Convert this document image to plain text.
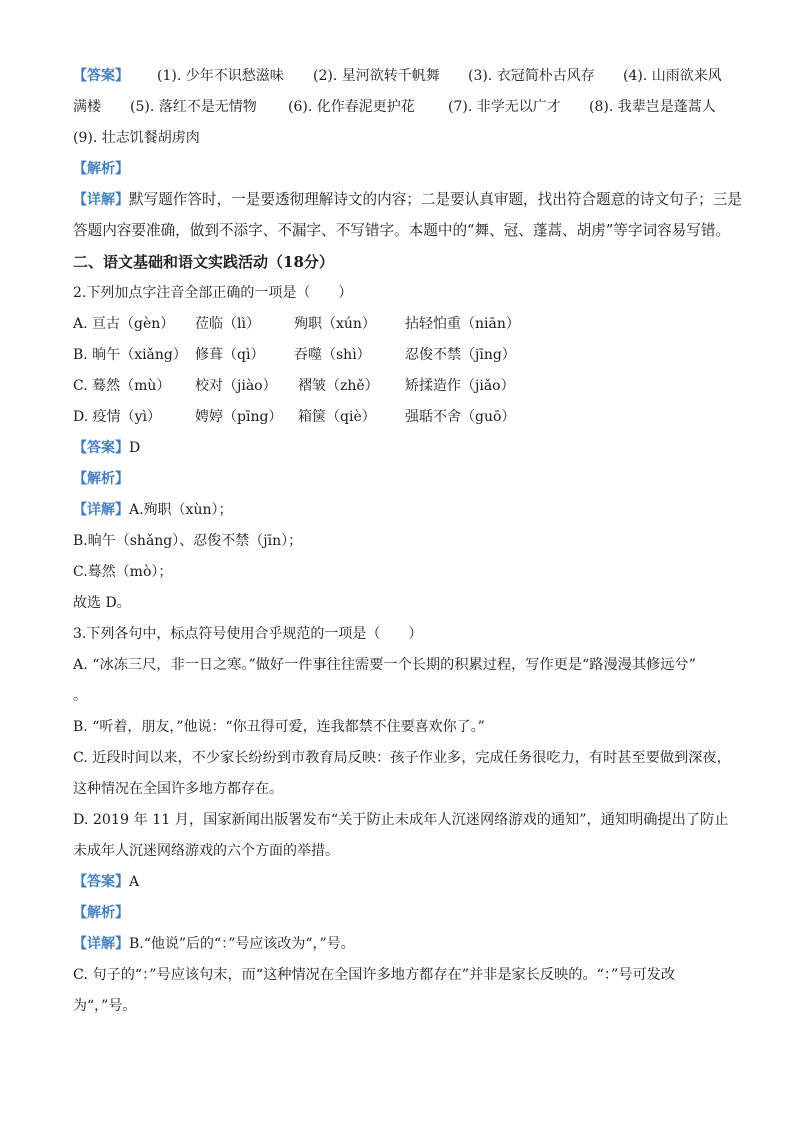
【答案】 (1). 少年不识愁滋味 (2). 星河欲转千帆舞 (3). 衣冠简朴古风存 (4). 山雨欲来风
满楼 (5). 落红不是无情物 (6). 化作春泥更护花 (7). 非学无以广才 (8). 我辈岂是蓬蒿人
(9). 壮志饥餐胡虏肉
【解析】
【详解】 默写题作答时，一是要透彻理解诗文的内容；二是要认真审题，找出符合题意的诗文句子；三是
答题内容要准确，做到不添字、不漏字、不写错字。本题中的“舞、冠、蓬蒿、胡虏”等字词容易写错。
二、语文基础和语文实践活动（18分）
2.下列加点字注音全部正确的一项是（　　）
A. 亘古（gèn） 莅临（lì） 殉职（xún） 拈轻怕重（niān）
B. 晌午（xiǎng） 修葺（qì） 吞噬（shì） 忍俊不禁（jīng）
C. 蓦然（mù） 校对（jiào） 褶皱（zhě） 矫揉造作（jiǎo）
D. 疫情（yì） 娉婷（pīng） 箱箧（qiè） 强聒不舍（guō）
【答案】 D
【解析】
【详解】 A.殉职（xùn）；
B.晌午（shǎng）、忍俊不禁（jīn）；
C.蓦然（mò）；
故选 D。
3.下列各句中，标点符号使用合乎规范的一项是（　　）
A. “冰冻三尺，非一日之寒。”做好一件事往往需要一个长期的积累过程，写作更是“路漫漫其修远兮”
。
B. “听着，朋友，”他说：“你丑得可爱，连我都禁不住要喜欢你了。”
C. 近段时间以来，不少家长纷纷到市教育局反映：孩子作业多，完成任务很吃力，有时甚至要做到深夜，
这种情况在全国许多地方都存在。
D. 2019 年 11 月，国家新闻出版署发布“关于防止未成年人沉迷网络游戏的通知”，通知明确提出了防止
未成年人沉迷网络游戏的六个方面的举措。
【答案】 A
【解析】
【详解】 B.“他说”后的“：”号应该改为“，”号。
C. 句子的“：”号应该句末，而“这种情况在全国许多地方都存在”并非是家长反映的。“：”号可发改
为“，”号。
